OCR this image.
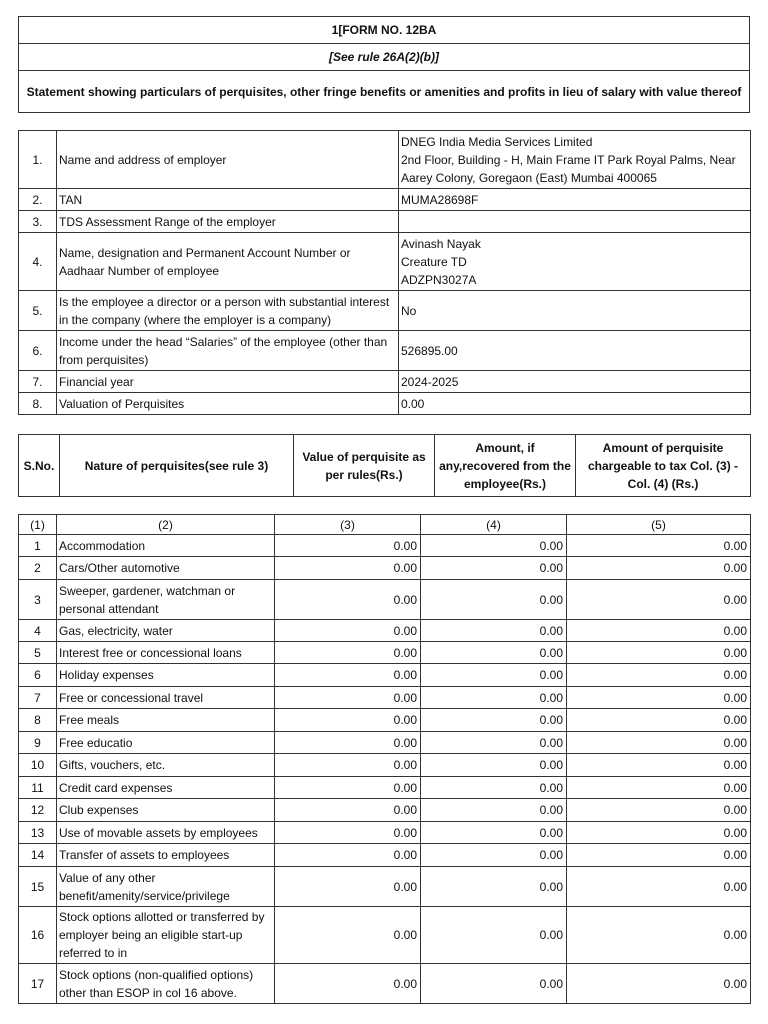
1[FORM NO. 12BA
[See rule 26A(2)(b)]
Statement showing particulars of perquisites, other fringe benefits or amenities and profits in lieu of salary with value thereof
1.	Name and address of employer	DNEG India Media Services Limited
2nd Floor, Building - H, Main Frame IT Park Royal Palms, Near Aarey Colony, Goregaon (East) Mumbai 400065
2.	TAN	MUMA28698F
3.	TDS Assessment Range of the employer	
4.	Name, designation and Permanent Account Number or Aadhaar Number of employee	Avinash Nayak
Creature TD
ADZPN3027A
5.	Is the employee a director or a person with substantial interest in the company (where the employer is a company)	No
6.	Income under the head “Salaries” of the employee (other than from perquisites)	526895.00
7.	Financial year	2024-2025
8.	Valuation of Perquisites	0.00
S.No.	Nature of perquisites(see rule 3)	Value of perquisite as per rules(Rs.)	Amount, if any,recovered from the employee(Rs.)	Amount of perquisite chargeable to tax Col. (3) - Col. (4) (Rs.)
(1)	(2)	(3)	(4)	(5)
1	Accommodation	0.00	0.00	0.00
2	Cars/Other automotive	0.00	0.00	0.00
3	Sweeper, gardener, watchman or personal attendant	0.00	0.00	0.00
4	Gas, electricity, water	0.00	0.00	0.00
5	Interest free or concessional loans	0.00	0.00	0.00
6	Holiday expenses	0.00	0.00	0.00
7	Free or concessional travel	0.00	0.00	0.00
8	Free meals	0.00	0.00	0.00
9	Free educatio	0.00	0.00	0.00
10	Gifts, vouchers, etc.	0.00	0.00	0.00
11	Credit card expenses	0.00	0.00	0.00
12	Club expenses	0.00	0.00	0.00
13	Use of movable assets by employees	0.00	0.00	0.00
14	Transfer of assets to employees	0.00	0.00	0.00
15	Value of any other benefit/amenity/service/privilege	0.00	0.00	0.00
16	Stock options allotted or transferred by employer being an eligible start-up referred to in	0.00	0.00	0.00
17	Stock options (non-qualified options) other than ESOP in col 16 above.	0.00	0.00	0.00
